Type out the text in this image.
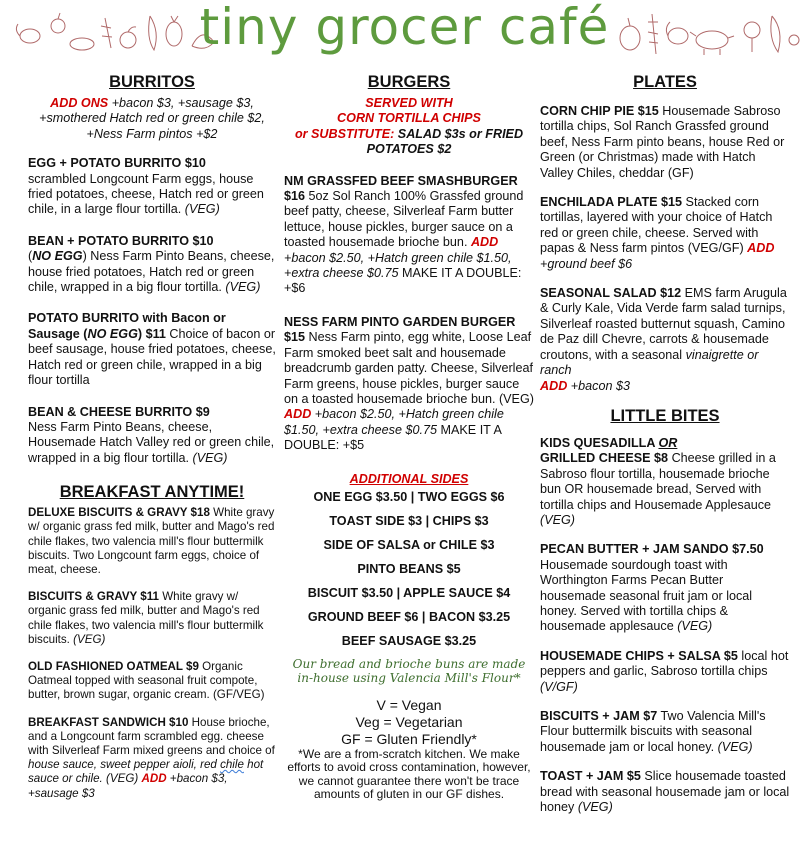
tiny grocer café
BURRITOS
ADD ONS +bacon $3, +sausage $3, +smothered Hatch red or green chile $2, +Ness Farm pintos +$2
EGG + POTATO BURRITO $10
scrambled Longcount Farm eggs, house fried potatoes, cheese, Hatch red or green chile, in a large flour tortilla. (VEG)
BEAN + POTATO BURRITO $10
(NO EGG) Ness Farm Pinto Beans, cheese, house fried potatoes, Hatch red or green chile, wrapped in a big flour tortilla. (VEG)
POTATO BURRITO with Bacon or Sausage (NO EGG) $11 Choice of bacon or beef sausage, house fried potatoes, cheese, Hatch red or green chile, wrapped in a big flour tortilla
BEAN & CHEESE BURRITO $9
Ness Farm Pinto Beans, cheese, Housemade Hatch Valley red or green chile, wrapped in a big flour tortilla. (VEG)
BREAKFAST ANYTIME!
DELUXE BISCUITS & GRAVY $18 White gravy w/ organic grass fed milk, butter and Mago's red chile flakes, two valencia mill's flour buttermilk biscuits. Two Longcount farm eggs, choice of meat, cheese.
BISCUITS & GRAVY $11 White gravy w/ organic grass fed milk, butter and Mago's red chile flakes, two valencia mill's flour buttermilk biscuits. (VEG)
OLD FASHIONED OATMEAL $9 Organic Oatmeal topped with seasonal fruit compote, butter, brown sugar, organic cream. (GF/VEG)
BREAKFAST SANDWICH $10 House brioche, and a Longcount farm scrambled egg. cheese with Silverleaf Farm mixed greens and choice of house sauce, sweet pepper aioli, red chile hot sauce or chile. (VEG) ADD +bacon $3, +sausage $3
BURGERS
SERVED WITH
CORN TORTILLA CHIPS
or SUBSTITUTE: SALAD $3s or FRIED POTATOES $2
NM GRASSFED BEEF SMASHBURGER $16 5oz Sol Ranch 100% Grassfed ground beef patty, cheese, Silverleaf Farm butter lettuce, house pickles, burger sauce on a toasted housemade brioche bun. ADD +bacon $2.50, +Hatch green chile $1.50, +extra cheese $0.75 MAKE IT A DOUBLE: +$6
NESS FARM PINTO GARDEN BURGER $15 Ness Farm pinto, egg white, Loose Leaf Farm smoked beet salt and housemade breadcrumb garden patty. Cheese, Silverleaf Farm greens, house pickles, burger sauce on a toasted housemade brioche bun. (VEG) ADD +bacon $2.50, +Hatch green chile $1.50, +extra cheese $0.75 MAKE IT A DOUBLE: +$5
ADDITIONAL SIDES

ONE EGG $3.50 | TWO EGGS $6

TOAST SIDE $3 | CHIPS $3

SIDE OF SALSA or CHILE $3

PINTO BEANS $5

BISCUIT $3.50 | APPLE SAUCE $4

GROUND BEEF $6 | BACON $3.25

BEEF SAUSAGE $3.25

Our bread and brioche buns are made in-house using Valencia Mill's Flour*
V = Vegan
Veg = Vegetarian
GF = Gluten Friendly*
*We are a from-scratch kitchen. We make efforts to avoid cross contamination, however, we cannot guarantee there won't be trace amounts of gluten in our GF dishes.
PLATES
CORN CHIP PIE $15 Housemade Sabroso tortilla chips, Sol Ranch Grassfed ground beef, Ness Farm pinto beans, house Red or Green (or Christmas) made with Hatch Valley Chiles, cheddar (GF)
ENCHILADA PLATE $15 Stacked corn tortillas, layered with your choice of Hatch red or green chile, cheese. Served with papas & Ness farm pintos (VEG/GF) ADD +ground beef $6
SEASONAL SALAD $12 EMS farm Arugula & Curly Kale, Vida Verde farm salad turnips, Silverleaf roasted butternut squash, Camino de Paz dill Chevre, carrots & housemade croutons, with a seasonal vinaigrette or ranch
ADD +bacon $3
LITTLE BITES
KIDS QUESADILLA OR
GRILLED CHEESE $8 Cheese grilled in a Sabroso flour tortilla, housemade brioche bun OR housemade bread, Served with tortilla chips and Housemade Applesauce (VEG)
PECAN BUTTER + JAM SANDO $7.50
Housemade sourdough toast with Worthington Farms Pecan Butter housemade seasonal fruit jam or local honey. Served with tortilla chips & housemade applesauce (VEG)
HOUSEMADE CHIPS + SALSA $5 local hot peppers and garlic, Sabroso tortilla chips (V/GF)
BISCUITS + JAM $7 Two Valencia Mill's Flour buttermilk biscuits with seasonal housemade jam or local honey. (VEG)
TOAST + JAM $5 Slice housemade toasted bread with seasonal housemade jam or local honey (VEG)
